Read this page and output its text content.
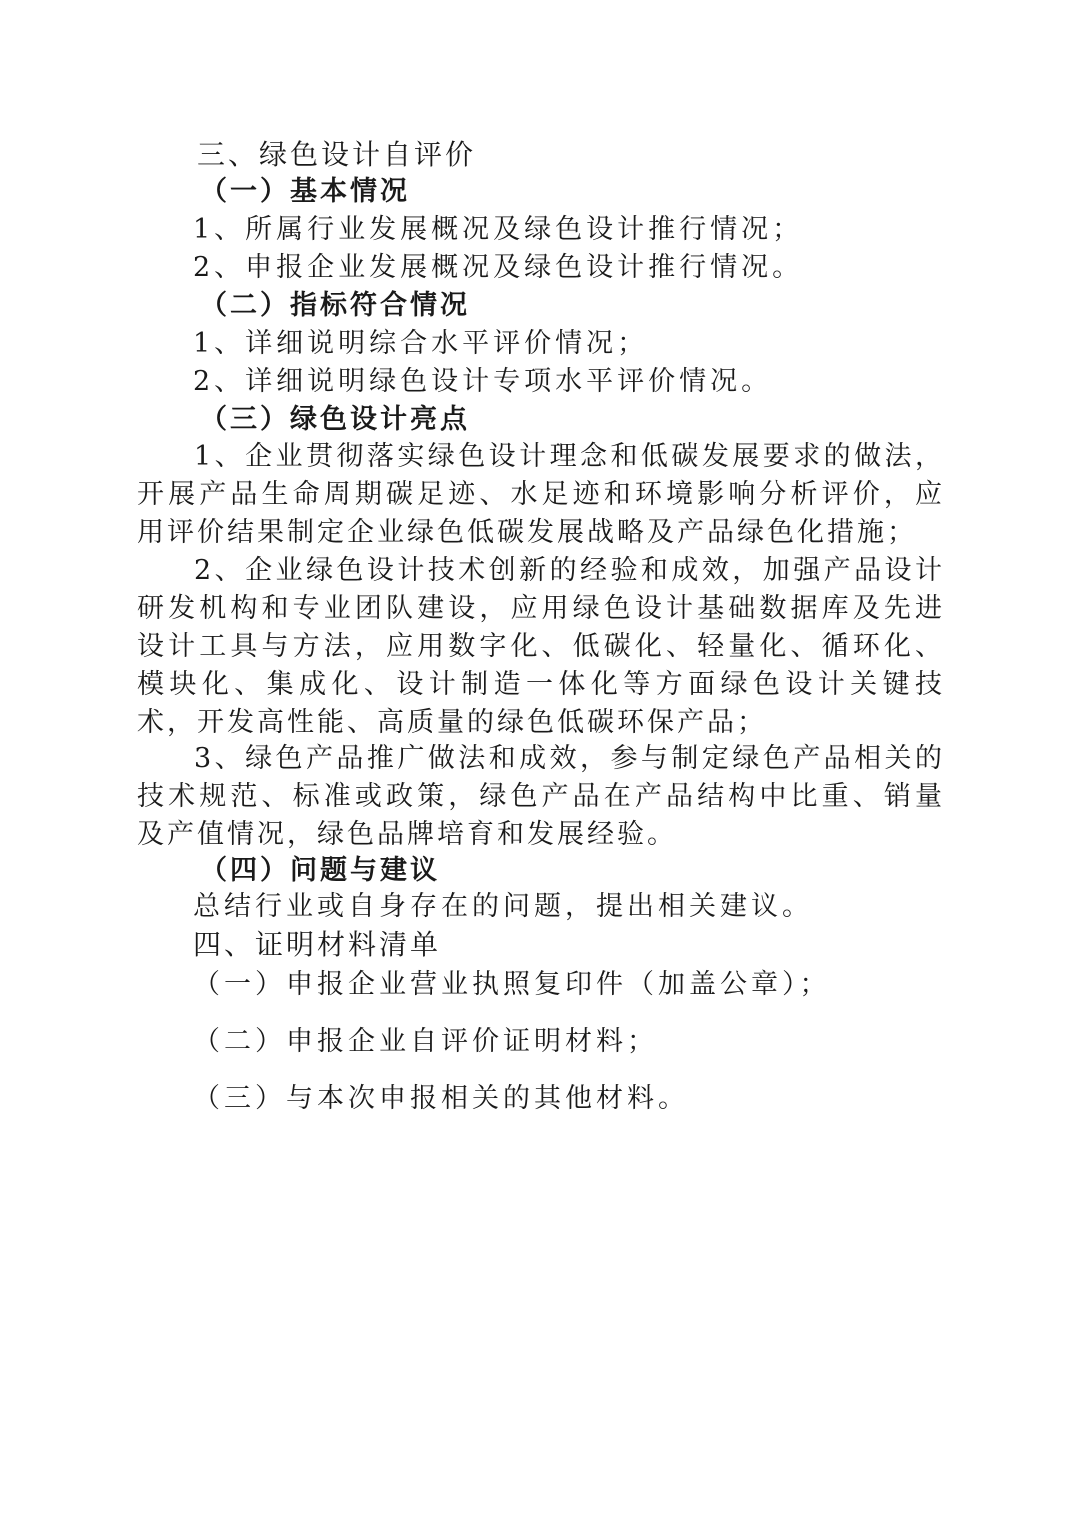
三、绿色设计自评价
（一）基本情况
1、所属行业发展概况及绿色设计推行情况；
2、申报企业发展概况及绿色设计推行情况。
（二）指标符合情况
1、详细说明综合水平评价情况；
2、详细说明绿色设计专项水平评价情况。
（三）绿色设计亮点
1、企业贯彻落实绿色设计理念和低碳发展要求的做法，开展产品生命周期碳足迹、水足迹和环境影响分析评价，应用评价结果制定企业绿色低碳发展战略及产品绿色化措施；
2、企业绿色设计技术创新的经验和成效，加强产品设计研发机构和专业团队建设，应用绿色设计基础数据库及先进设计工具与方法，应用数字化、低碳化、轻量化、循环化、模块化、集成化、设计制造一体化等方面绿色设计关键技术，开发高性能、高质量的绿色低碳环保产品；
3、绿色产品推广做法和成效，参与制定绿色产品相关的技术规范、标准或政策，绿色产品在产品结构中比重、销量及产值情况，绿色品牌培育和发展经验。
（四）问题与建议
总结行业或自身存在的问题，提出相关建议。
四、证明材料清单
（一）申报企业营业执照复印件（加盖公章）；
（二）申报企业自评价证明材料；
（三）与本次申报相关的其他材料。
